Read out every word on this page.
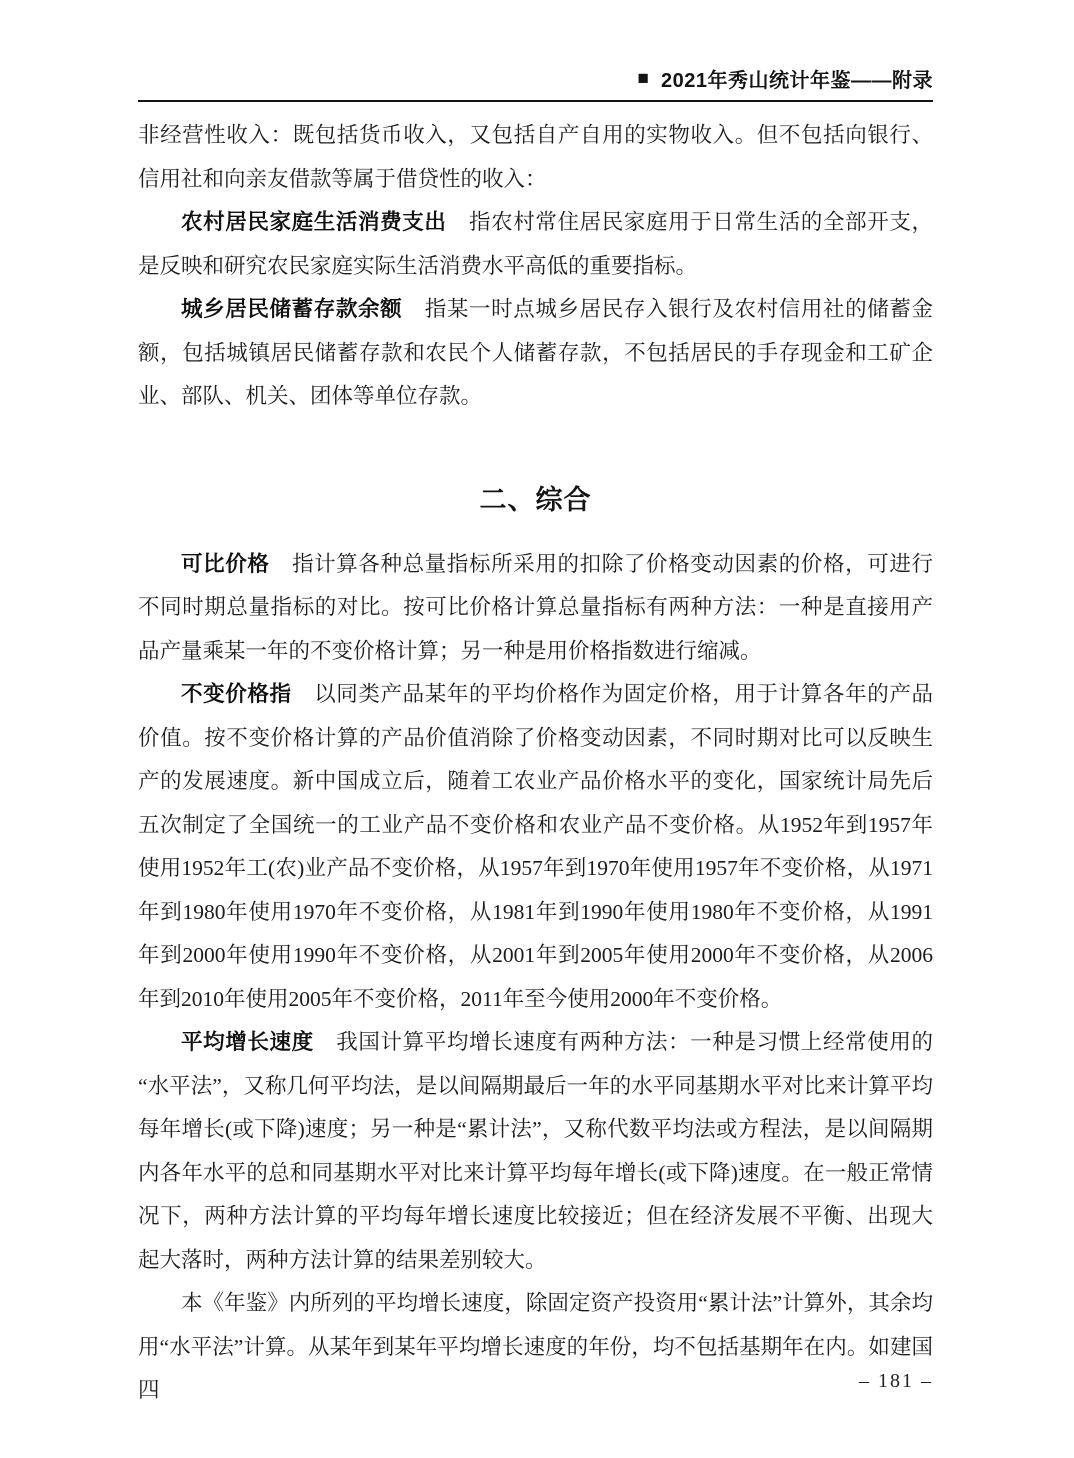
■ 2021年秀山统计年鉴——附录

非经营性收入：既包括货币收入，又包括自产自用的实物收入。但不包括向银行、信用社和向亲友借款等属于借贷性的收入：

农村居民家庭生活消费支出 指农村常住居民家庭用于日常生活的全部开支，是反映和研究农民家庭实际生活消费水平高低的重要指标。

城乡居民储蓄存款余额 指某一时点城乡居民存入银行及农村信用社的储蓄金额，包括城镇居民储蓄存款和农民个人储蓄存款，不包括居民的手存现金和工矿企业、部队、机关、团体等单位存款。

二、综合

可比价格 指计算各种总量指标所采用的扣除了价格变动因素的价格，可进行不同时期总量指标的对比。按可比价格计算总量指标有两种方法：一种是直接用产品产量乘某一年的不变价格计算；另一种是用价格指数进行缩减。

不变价格指 以同类产品某年的平均价格作为固定价格，用于计算各年的产品价值。按不变价格计算的产品价值消除了价格变动因素，不同时期对比可以反映生产的发展速度。新中国成立后，随着工农业产品价格水平的变化，国家统计局先后五次制定了全国统一的工业产品不变价格和农业产品不变价格。从1952年到1957年使用1952年工(农)业产品不变价格，从1957年到1970年使用1957年不变价格，从1971年到1980年使用1970年不变价格，从1981年到1990年使用1980年不变价格，从1991年到2000年使用1990年不变价格，从2001年到2005年使用2000年不变价格，从2006年到2010年使用2005年不变价格，2011年至今使用2000年不变价格。

平均增长速度 我国计算平均增长速度有两种方法：一种是习惯上经常使用的“水平法”，又称几何平均法，是以间隔期最后一年的水平同基期水平对比来计算平均每年增长(或下降)速度；另一种是“累计法”，又称代数平均法或方程法，是以间隔期内各年水平的总和同基期水平对比来计算平均每年增长(或下降)速度。在一般正常情况下，两种方法计算的平均每年增长速度比较接近；但在经济发展不平衡、出现大起大落时，两种方法计算的结果差别较大。

本《年鉴》内所列的平均增长速度，除固定资产投资用“累计法”计算外，其余均用“水平法”计算。从某年到某年平均增长速度的年份，均不包括基期年在内。如建国四	– 181 –
